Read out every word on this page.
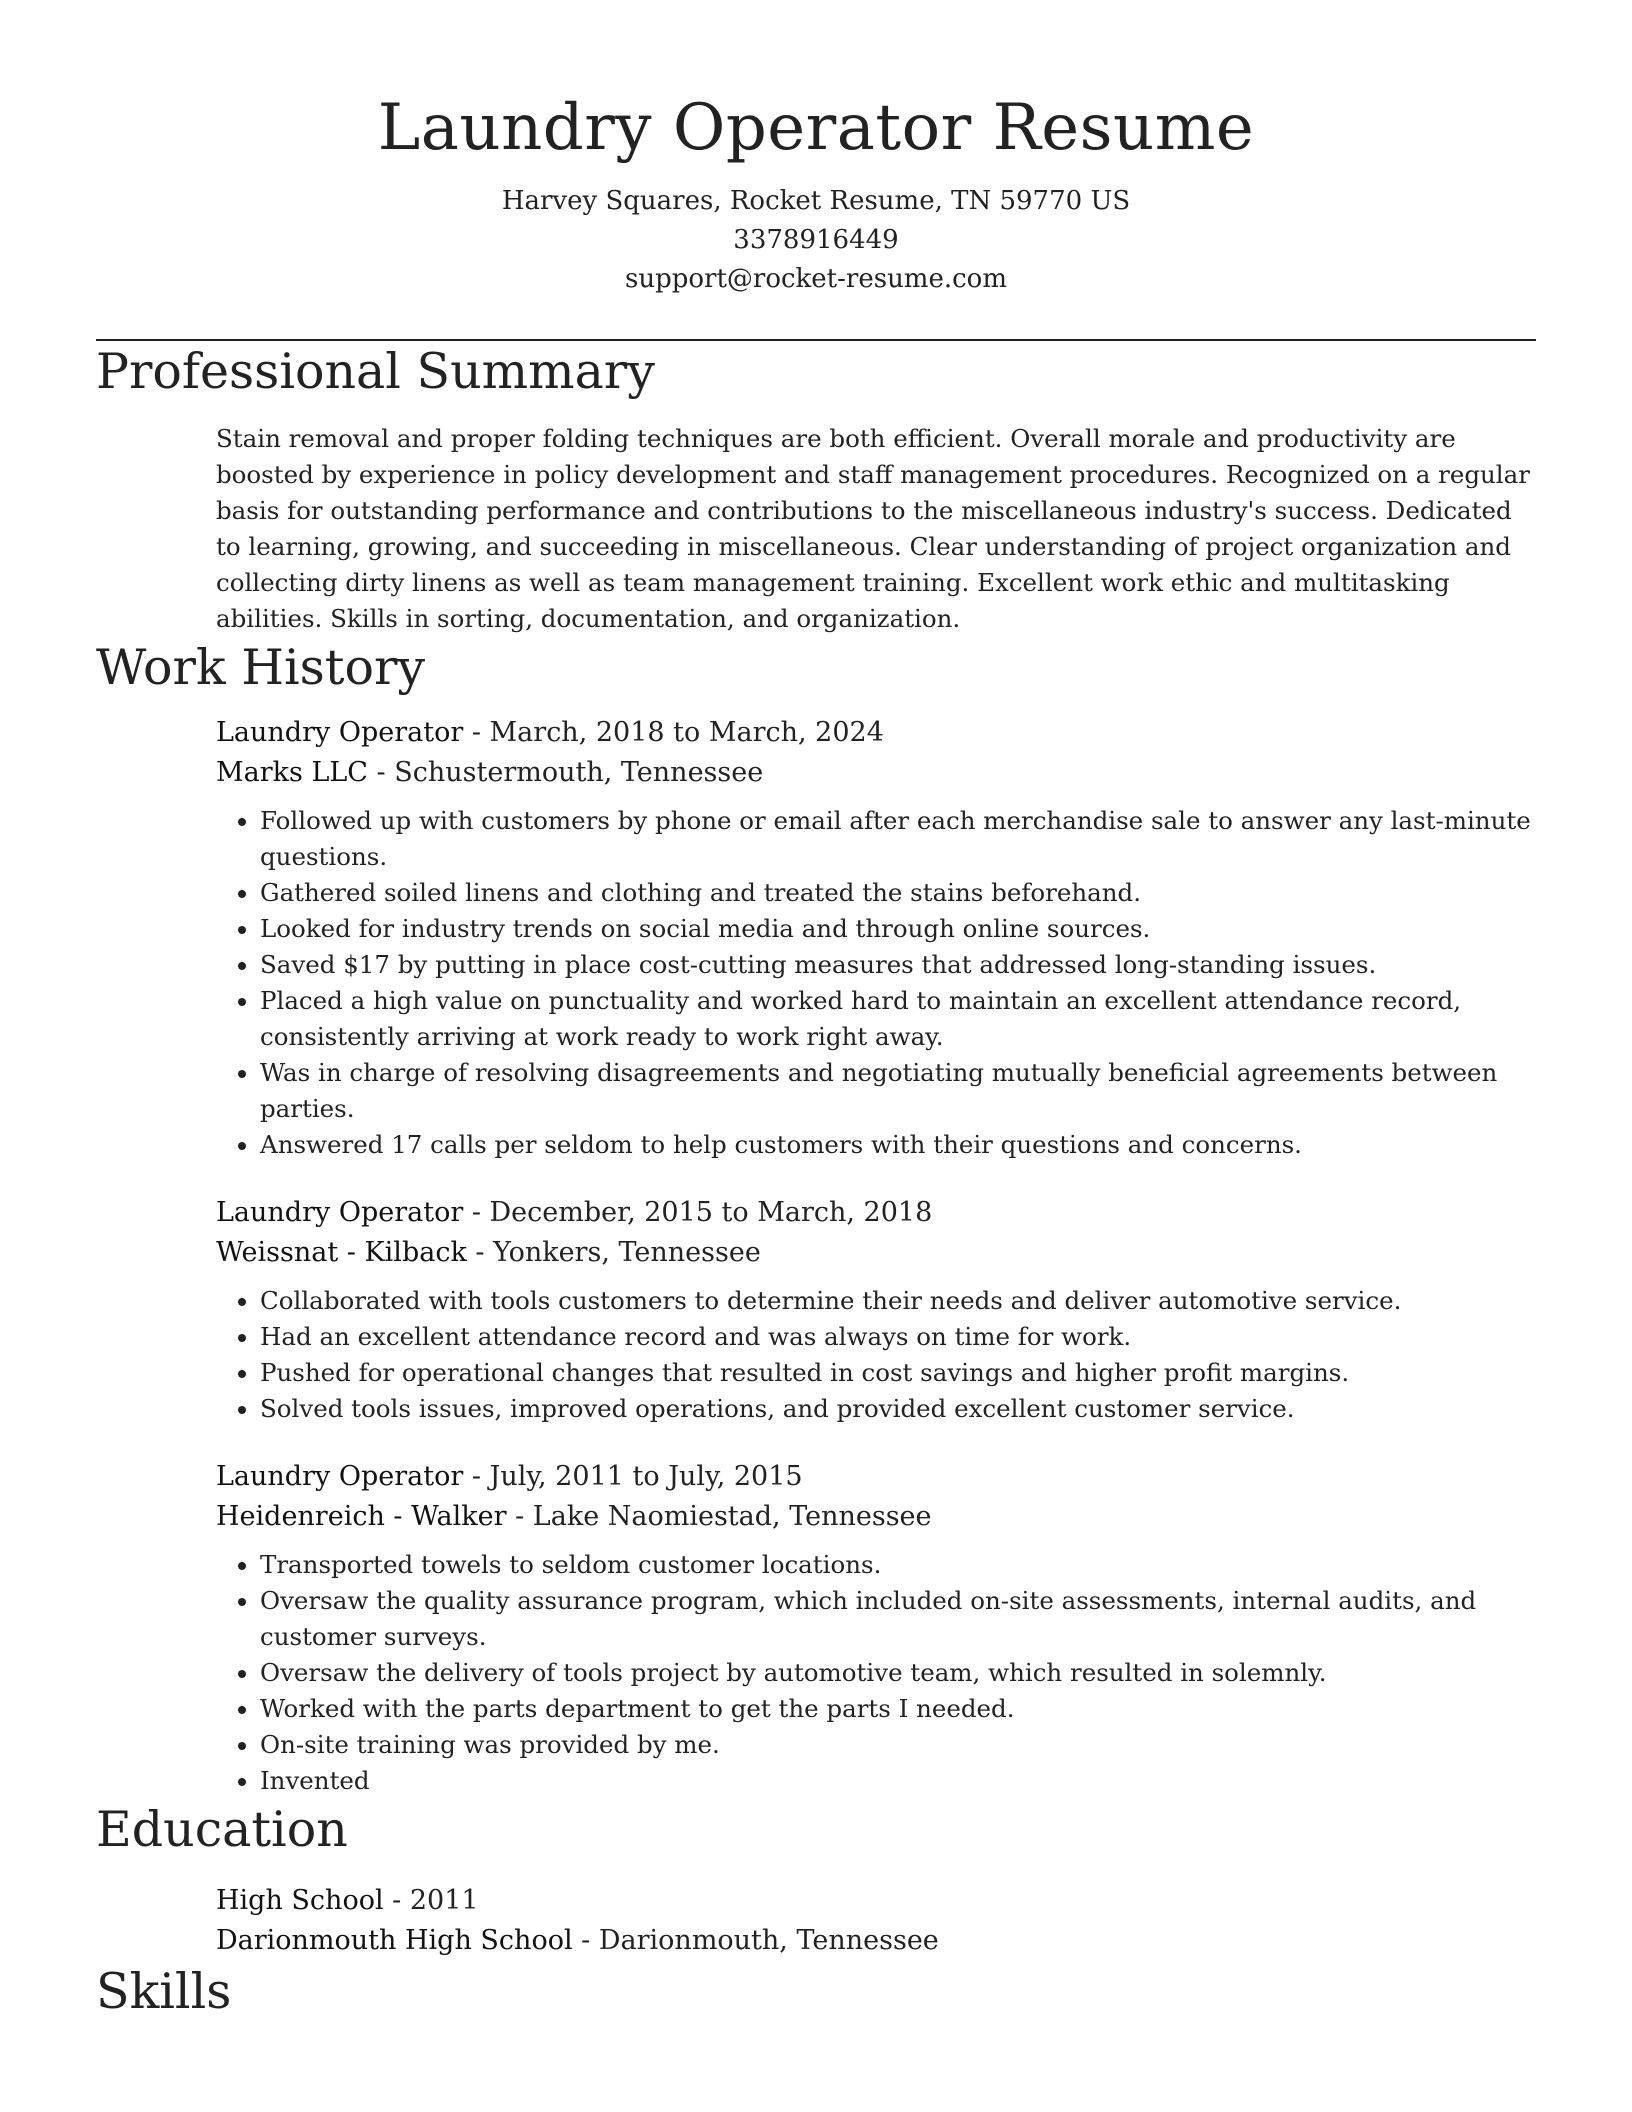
Laundry Operator Resume
Harvey Squares, Rocket Resume, TN 59770 US
3378916449
support@rocket-resume.com
Professional Summary

Stain removal and proper folding techniques are both efficient. Overall morale and productivity are boosted by experience in policy development and staff management procedures. Recognized on a regular basis for outstanding performance and contributions to the miscellaneous industry's success. Dedicated to learning, growing, and succeeding in miscellaneous. Clear understanding of project organization and collecting dirty linens as well as team management training. Excellent work ethic and multitasking abilities. Skills in sorting, documentation, and organization.

Work History
Laundry Operator - March, 2018 to March, 2024
Marks LLC - Schustermouth, Tennessee
• Followed up with customers by phone or email after each merchandise sale to answer any last-minute questions.
• Gathered soiled linens and clothing and treated the stains beforehand.
• Looked for industry trends on social media and through online sources.
• Saved $17 by putting in place cost-cutting measures that addressed long-standing issues.
• Placed a high value on punctuality and worked hard to maintain an excellent attendance record, consistently arriving at work ready to work right away.
• Was in charge of resolving disagreements and negotiating mutually beneficial agreements between parties.
• Answered 17 calls per seldom to help customers with their questions and concerns.
Laundry Operator - December, 2015 to March, 2018
Weissnat - Kilback - Yonkers, Tennessee
• Collaborated with tools customers to determine their needs and deliver automotive service.
• Had an excellent attendance record and was always on time for work.
• Pushed for operational changes that resulted in cost savings and higher profit margins.
• Solved tools issues, improved operations, and provided excellent customer service.
Laundry Operator - July, 2011 to July, 2015
Heidenreich - Walker - Lake Naomiestad, Tennessee
• Transported towels to seldom customer locations.
• Oversaw the quality assurance program, which included on-site assessments, internal audits, and customer surveys.
• Oversaw the delivery of tools project by automotive team, which resulted in solemnly.
• Worked with the parts department to get the parts I needed.
• On-site training was provided by me.
• Invented
Education
High School - 2011
Darionmouth High School - Darionmouth, Tennessee
Skills
